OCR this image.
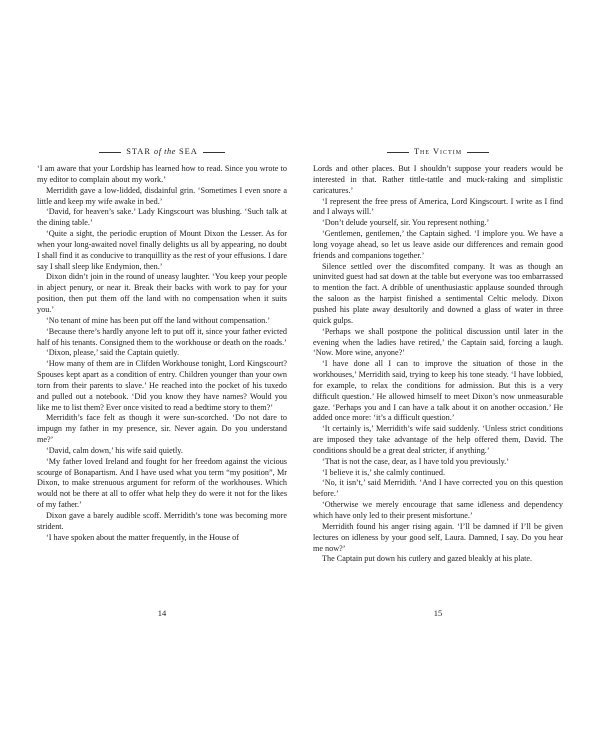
STAR of the SEA

‘I am aware that your Lordship has learned how to read. Since you wrote to my editor to complain about my work.’

Merridith gave a low-lidded, disdainful grin. ‘Sometimes I even snore a little and keep my wife awake in bed.’

‘David, for heaven’s sake.’ Lady Kingscourt was blushing. ‘Such talk at the dining table.’

‘Quite a sight, the periodic eruption of Mount Dixon the Lesser. As for when your long-awaited novel finally delights us all by appearing, no doubt I shall find it as conducive to tranquillity as the rest of your effusions. I dare say I shall sleep like Endymion, then.’

Dixon didn’t join in the round of uneasy laughter. ‘You keep your people in abject penury, or near it. Break their backs with work to pay for your position, then put them off the land with no compensation when it suits you.’

‘No tenant of mine has been put off the land without compensation.’

‘Because there’s hardly anyone left to put off it, since your father evicted half of his tenants. Consigned them to the workhouse or death on the roads.’

‘Dixon, please,’ said the Captain quietly.

‘How many of them are in Clifden Workhouse tonight, Lord Kingscourt? Spouses kept apart as a condition of entry. Children younger than your own torn from their parents to slave.’ He reached into the pocket of his tuxedo and pulled out a notebook. ‘Did you know they have names? Would you like me to list them? Ever once visited to read a bedtime story to them?’

Merridith’s face felt as though it were sun-scorched. ‘Do not dare to impugn my father in my presence, sir. Never again. Do you understand me?’

‘David, calm down,’ his wife said quietly.

‘My father loved Ireland and fought for her freedom against the vicious scourge of Bonapartism. And I have used what you term “my position”, Mr Dixon, to make strenuous argument for reform of the workhouses. Which would not be there at all to offer what help they do were it not for the likes of my father.’

Dixon gave a barely audible scoff. Merridith’s tone was becoming more strident.

‘I have spoken about the matter frequently, in the House of

The Victim

Lords and other places. But I shouldn’t suppose your readers would be interested in that. Rather tittle-tattle and muck-raking and simplistic caricatures.’

‘I represent the free press of America, Lord Kingscourt. I write as I find and I always will.’

‘Don’t delude yourself, sir. You represent nothing.’

‘Gentlemen, gentlemen,’ the Captain sighed. ‘I implore you. We have a long voyage ahead, so let us leave aside our differences and remain good friends and companions together.’

Silence settled over the discomfited company. It was as though an uninvited guest had sat down at the table but everyone was too embarrassed to mention the fact. A dribble of unenthusiastic applause sounded through the saloon as the harpist finished a sentimental Celtic melody. Dixon pushed his plate away desultorily and downed a glass of water in three quick gulps.

‘Perhaps we shall postpone the political discussion until later in the evening when the ladies have retired,’ the Captain said, forcing a laugh. ‘Now. More wine, anyone?’

‘I have done all I can to improve the situation of those in the workhouses,’ Merridith said, trying to keep his tone steady. ‘I have lobbied, for example, to relax the conditions for admission. But this is a very difficult question.’ He allowed himself to meet Dixon’s now unmeasurable gaze. ‘Perhaps you and I can have a talk about it on another occasion.’ He added once more: ‘it’s a difficult question.’

‘It certainly is,’ Merridith’s wife said suddenly. ‘Unless strict conditions are imposed they take advantage of the help offered them, David. The conditions should be a great deal stricter, if anything.’

‘That is not the case, dear, as I have told you previously.’

‘I believe it is,’ she calmly continued.

‘No, it isn’t,’ said Merridith. ‘And I have corrected you on this question before.’

‘Otherwise we merely encourage that same idleness and dependency which have only led to their present misfortune.’

Merridith found his anger rising again. ‘I’ll be damned if I’ll be given lectures on idleness by your good self, Laura. Damned, I say. Do you hear me now?’

The Captain put down his cutlery and gazed bleakly at his plate.

14	15
